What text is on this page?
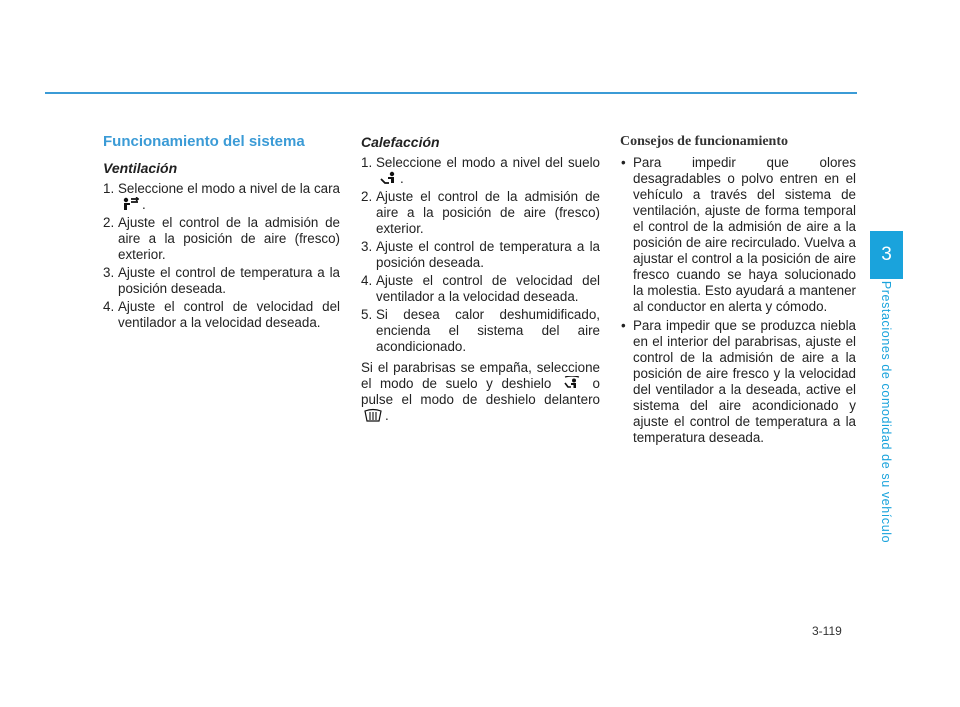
Funcionamiento del sistema
Ventilación
1. Seleccione el modo a nivel de la cara .
2. Ajuste el control de la admisión de aire a la posición de aire (fresco) exterior.
3. Ajuste el control de temperatura a la posición deseada.
4. Ajuste el control de velocidad del ventilador a la velocidad deseada.
Calefacción
1. Seleccione el modo a nivel del suelo .
2. Ajuste el control de la admisión de aire a la posición de aire (fresco) exterior.
3. Ajuste el control de temperatura a la posición deseada.
4. Ajuste el control de velocidad del ventilador a la velocidad deseada.
5. Si desea calor deshumidificado, encienda el sistema del aire acondicionado.

Si el parabrisas se empaña, seleccione el modo de suelo y deshielo	o pulse el modo de deshielo delantero .

Consejos de funcionamiento
• Para impedir que olores desagradables o polvo entren en el vehículo a través del sistema de ventilación, ajuste de forma temporal el control de la admisión de aire a la posición de aire recirculado. Vuelva a ajustar el control a la posición de aire fresco cuando se haya solucionado la molestia. Esto ayudará a mantener al conductor en alerta y cómodo.
• Para impedir que se produzca niebla en el interior del parabrisas, ajuste el control de la admisión de aire a la posición de aire fresco y la velocidad del ventilador a la deseada, active el sistema del aire acondicionado y ajuste el control de temperatura a la temperatura deseada.
3
Prestaciones de comodidad de su vehículo
3-119
